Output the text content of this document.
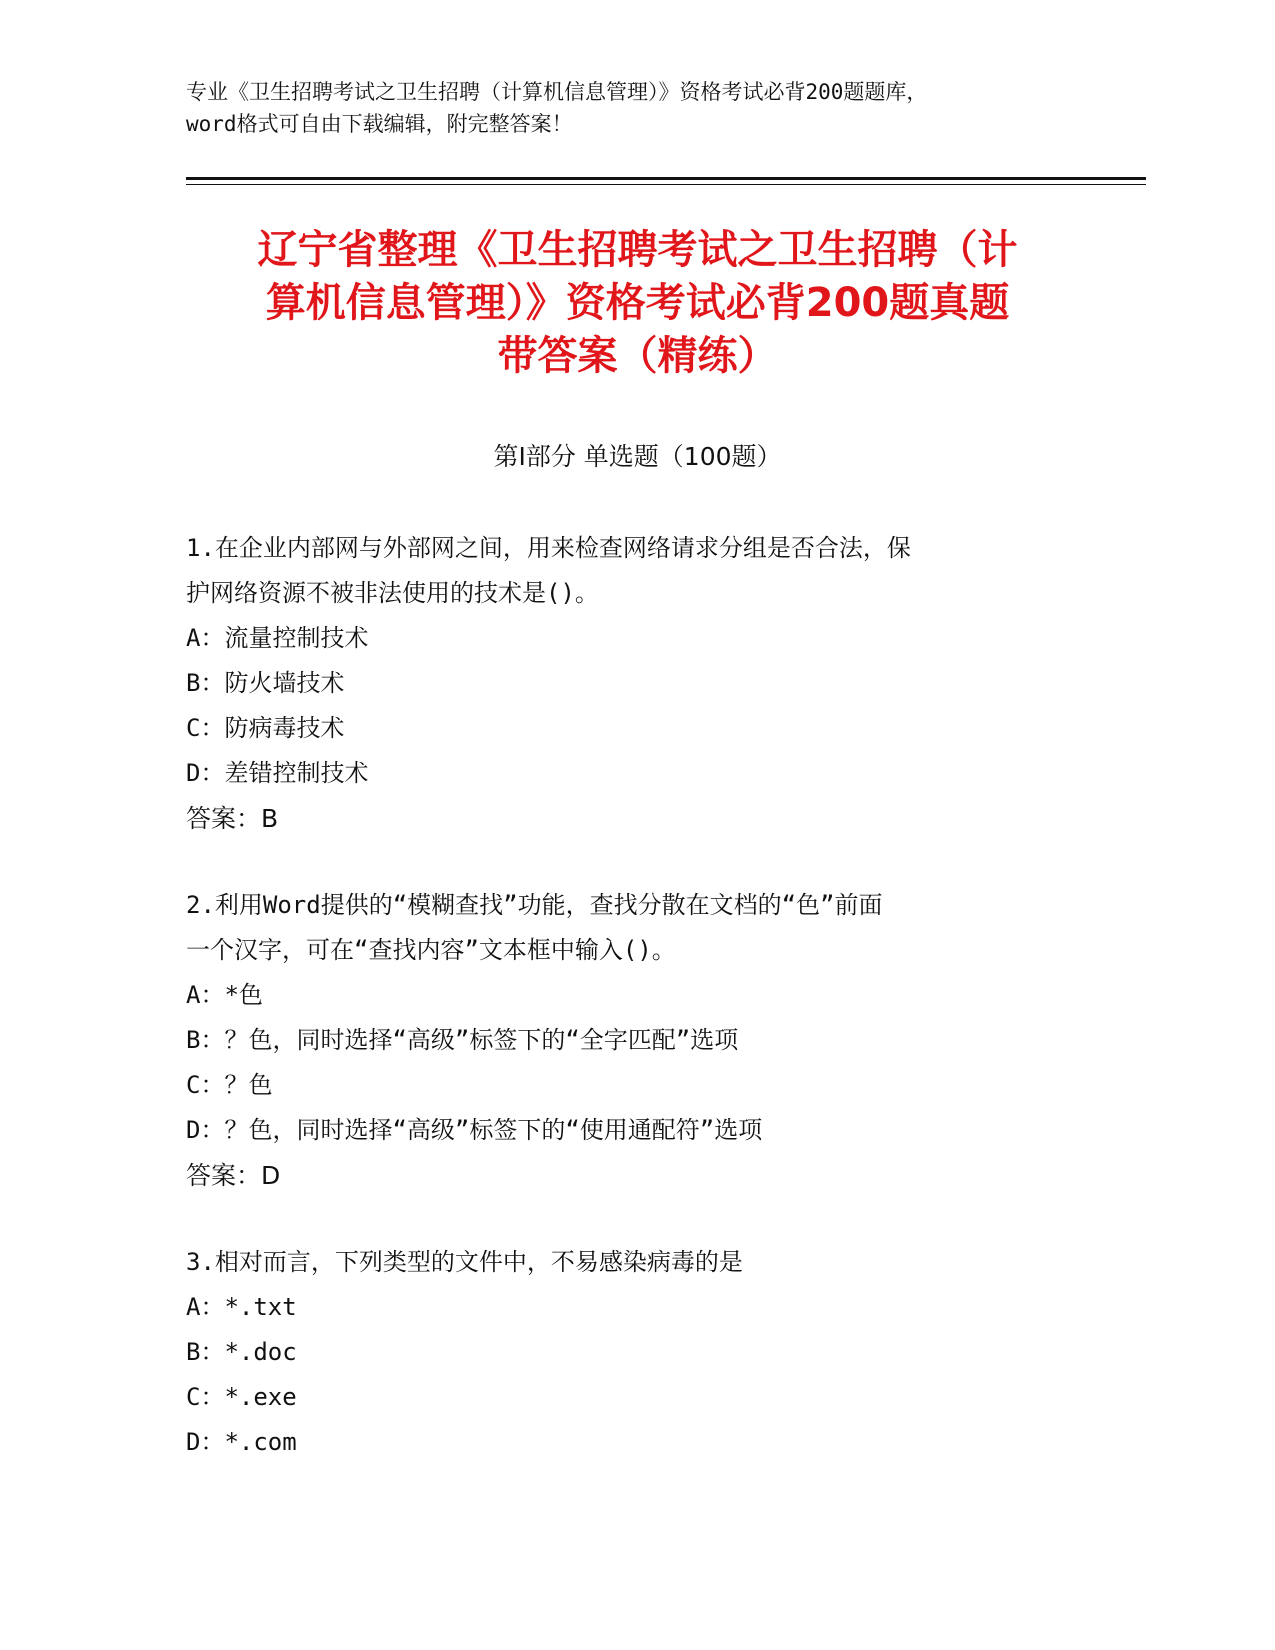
专业《卫生招聘考试之卫生招聘（计算机信息管理）》资格考试必背200题题库，
word格式可自由下载编辑，附完整答案！
辽宁省整理《卫生招聘考试之卫生招聘（计
算机信息管理）》资格考试必背200题真题
带答案（精练）
第Ⅰ部分 单选题（100题）
1.在企业内部网与外部网之间，用来检查网络请求分组是否合法，保
护网络资源不被非法使用的技术是()。
A：流量控制技术
B：防火墙技术
C：防病毒技术
D：差错控制技术
答案：B
2.利用Word提供的“模糊查找”功能，查找分散在文档的“色”前面
一个汉字，可在“查找内容”文本框中输入()。
A：*色
B：？色，同时选择“高级”标签下的“全字匹配”选项
C：？色
D：？色，同时选择“高级”标签下的“使用通配符”选项
答案：D
3.相对而言，下列类型的文件中，不易感染病毒的是
A：*.txt
B：*.doc
C：*.exe
D：*.com
